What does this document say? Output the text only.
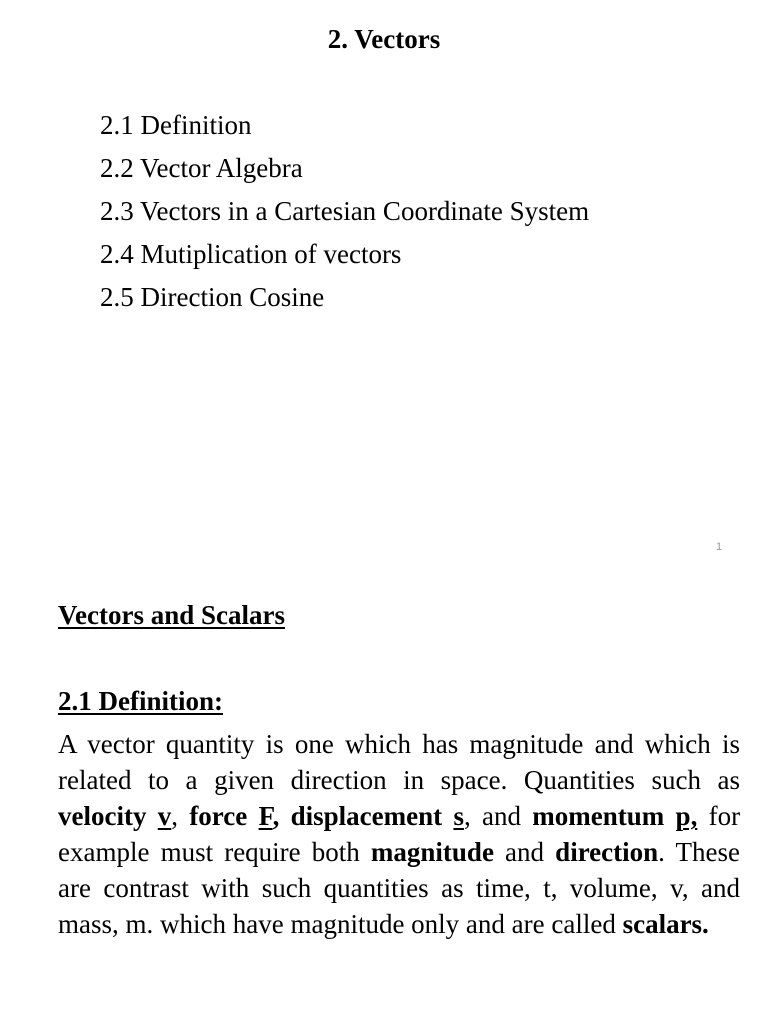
2. Vectors
2.1 Definition
2.2 Vector Algebra
2.3 Vectors in a Cartesian Coordinate System
2.4 Mutiplication of vectors
2.5 Direction Cosine
1
Vectors and Scalars
2.1 Definition:

A vector quantity is one which has magnitude and which is related to a given direction in space. Quantities such as velocity v, force F, displacement s, and momentum p, for example must require both magnitude and direction. These are contrast with such quantities as time, t, volume, v, and mass, m. which have magnitude only and are called scalars.
